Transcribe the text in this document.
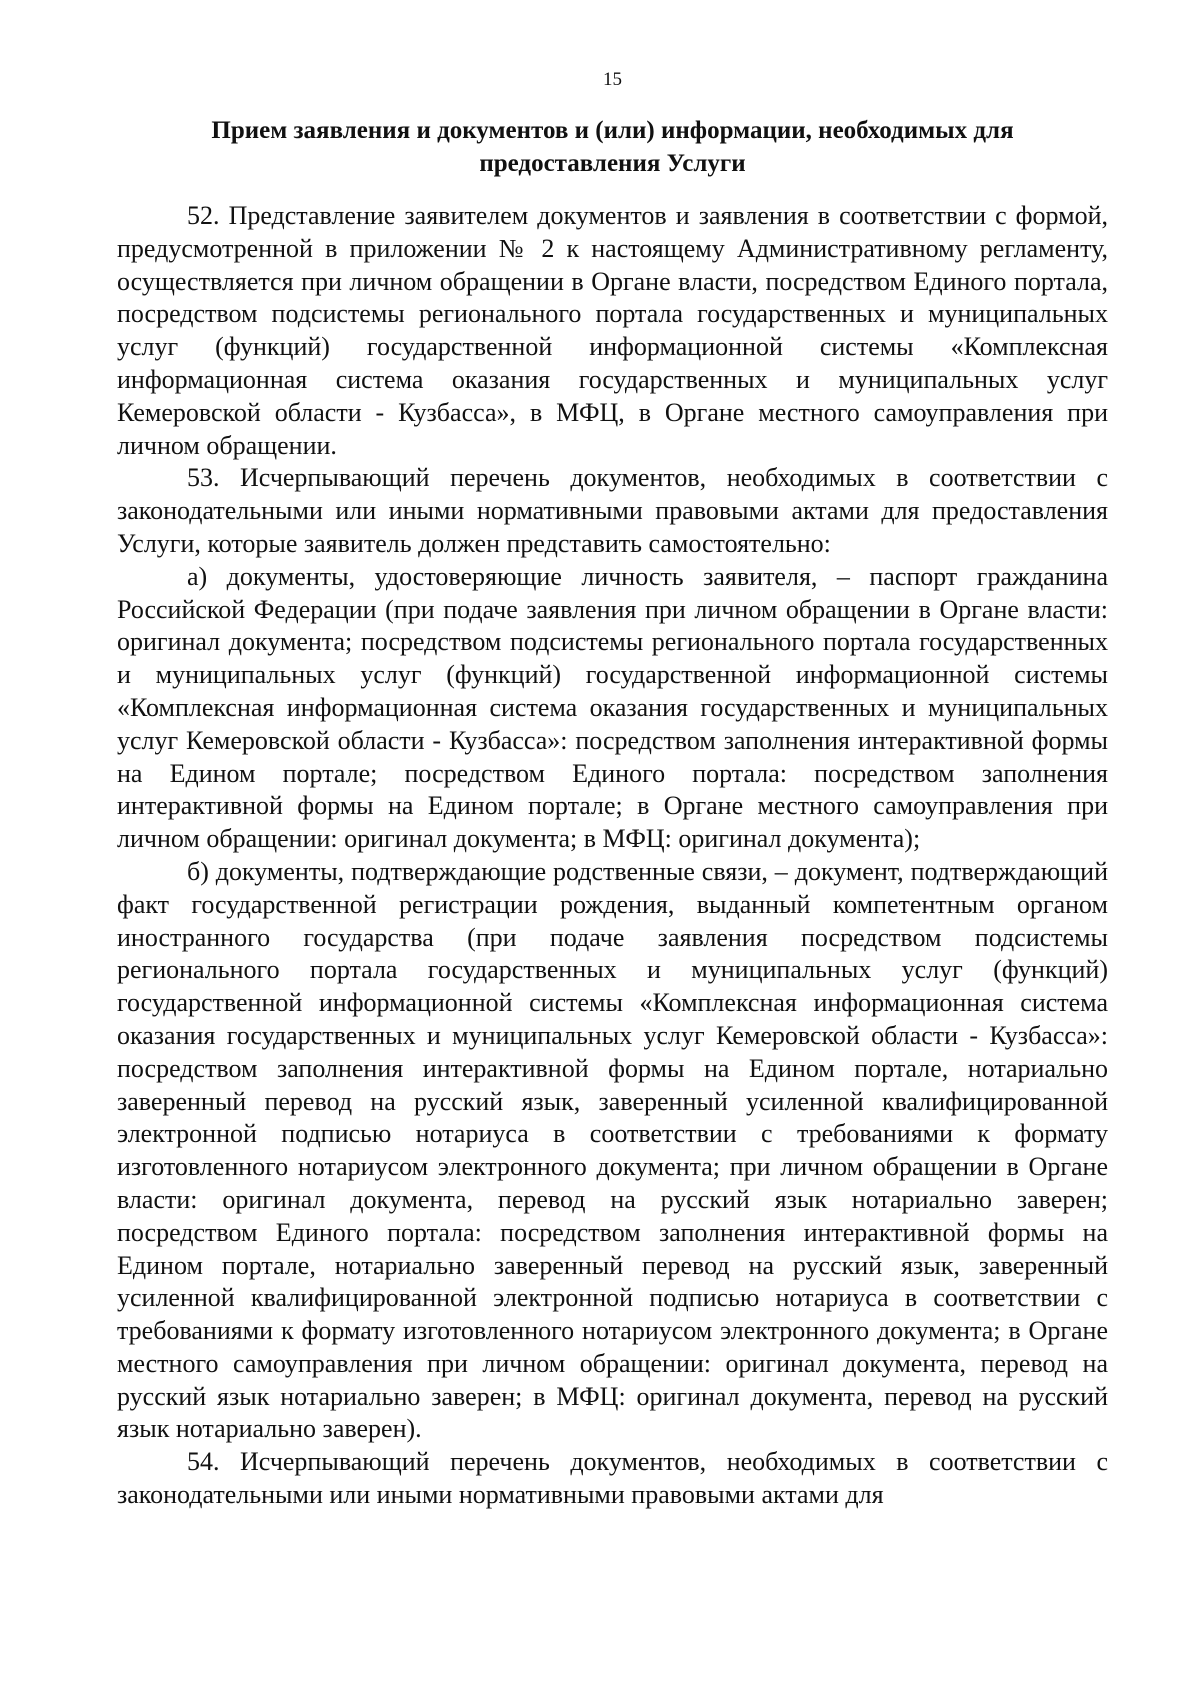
15
Прием заявления и документов и (или) информации, необходимых для предоставления Услуги

52. Представление заявителем документов и заявления в соответствии с формой, предусмотренной в приложении № 2 к настоящему Административному регламенту, осуществляется при личном обращении в Органе власти, посредством Единого портала, посредством подсистемы регионального портала государственных и муниципальных услуг (функций) государственной информационной системы «Комплексная информационная система оказания государственных и муниципальных услуг Кемеровской области - Кузбасса», в МФЦ, в Органе местного самоуправления при личном обращении.

53. Исчерпывающий перечень документов, необходимых в соответствии с законодательными или иными нормативными правовыми актами для предоставления Услуги, которые заявитель должен представить самостоятельно:

а) документы, удостоверяющие личность заявителя, – паспорт гражданина Российской Федерации (при подаче заявления при личном обращении в Органе власти: оригинал документа; посредством подсистемы регионального портала государственных и муниципальных услуг (функций) государственной информационной системы «Комплексная информационная система оказания государственных и муниципальных услуг Кемеровской области - Кузбасса»: посредством заполнения интерактивной формы на Едином портале; посредством Единого портала: посредством заполнения интерактивной формы на Едином портале; в Органе местного самоуправления при личном обращении: оригинал документа; в МФЦ: оригинал документа);

б) документы, подтверждающие родственные связи, – документ, подтверждающий факт государственной регистрации рождения, выданный компетентным органом иностранного государства (при подаче заявления посредством подсистемы регионального портала государственных и муниципальных услуг (функций) государственной информационной системы «Комплексная информационная система оказания государственных и муниципальных услуг Кемеровской области - Кузбасса»: посредством заполнения интерактивной формы на Едином портале, нотариально заверенный перевод на русский язык, заверенный усиленной квалифицированной электронной подписью нотариуса в соответствии с требованиями к формату изготовленного нотариусом электронного документа; при личном обращении в Органе власти: оригинал документа, перевод на русский язык нотариально заверен; посредством Единого портала: посредством заполнения интерактивной формы на Едином портале, нотариально заверенный перевод на русский язык, заверенный усиленной квалифицированной электронной подписью нотариуса в соответствии с требованиями к формату изготовленного нотариусом электронного документа; в Органе местного самоуправления при личном обращении: оригинал документа, перевод на русский язык нотариально заверен; в МФЦ: оригинал документа, перевод на русский язык нотариально заверен).

54. Исчерпывающий перечень документов, необходимых в соответствии с законодательными или иными нормативными правовыми актами для
